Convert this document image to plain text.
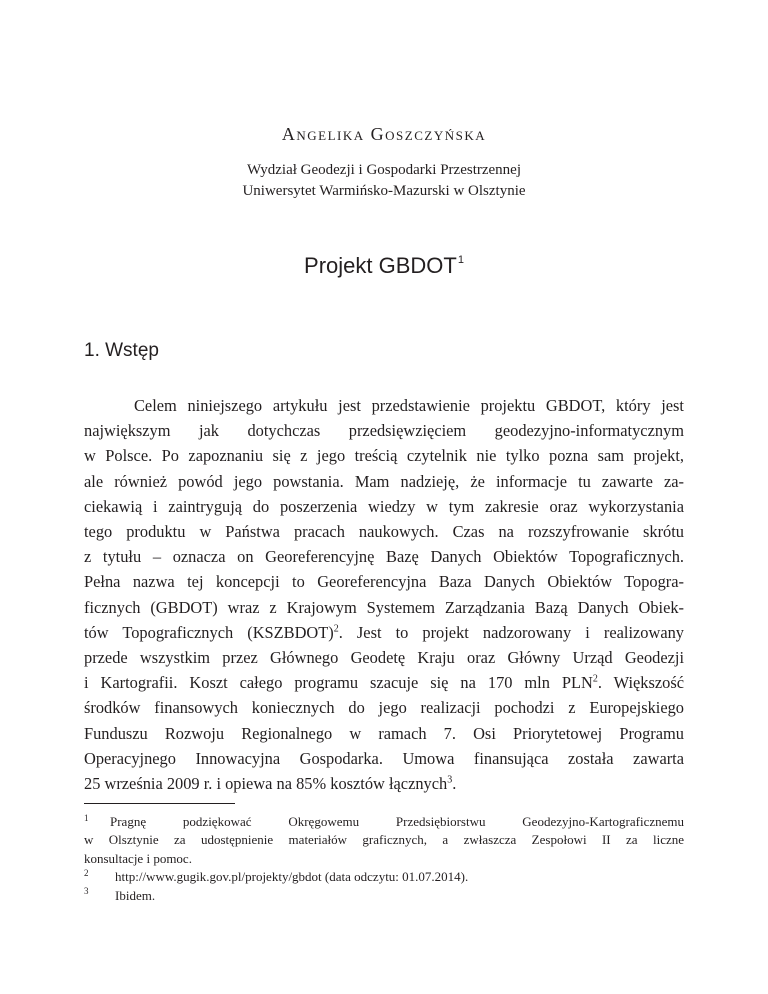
Angelika Goszczyńska
Wydział Geodezji i Gospodarki Przestrzennej
Uniwersytet Warmińsko-Mazurski w Olsztynie
Projekt GBDOT$^1$
1. Wstęp
Celem niniejszego artykułu jest przedstawienie projektu GBDOT, który jest
największym jak dotychczas przedsięwzięciem geodezyjno-informatycznym
w Polsce. Po zapoznaniu się z jego treścią czytelnik nie tylko pozna sam projekt,
ale również powód jego powstania. Mam nadzieję, że informacje tu zawarte za-
ciekawią i zaintrygują do poszerzenia wiedzy w tym zakresie oraz wykorzystania
tego produktu w Państwa pracach naukowych. Czas na rozszyfrowanie skrótu
z tytułu – oznacza on Georeferencyjnę Bazę Danych Obiektów Topograficznych.
Pełna nazwa tej koncepcji to Georeferencyjna Baza Danych Obiektów Topogra-
ficznych (GBDOT) wraz z Krajowym Systemem Zarządzania Bazą Danych Obiek-
tów Topograficznych (KSZBDOT)$^2$. Jest to projekt nadzorowany i realizowany
przede wszystkim przez Głównego Geodetę Kraju oraz Główny Urząd Geodezji
i Kartografii. Koszt całego programu szacuje się na 170 mln PLN$^2$. Większość
środków finansowych koniecznych do jego realizacji pochodzi z Europejskiego
Funduszu Rozwoju Regionalnego w ramach 7. Osi Priorytetowej Programu
Operacyjnego Innowacyjna Gospodarka. Umowa finansująca została zawarta
25 września 2009 r. i opiewa na 85% kosztów łącznych$^3$.
1 Pragnę podziękować Okręgowemu Przedsiębiorstwu Geodezyjno-Kartograficznemu
w Olsztynie za udostępnienie materiałów graficznych, a zwłaszcza Zespołowi II za liczne
konsultacje i pomoc.
2 http://www.gugik.gov.pl/projekty/gbdot (data odczytu: 01.07.2014).
3 Ibidem.
